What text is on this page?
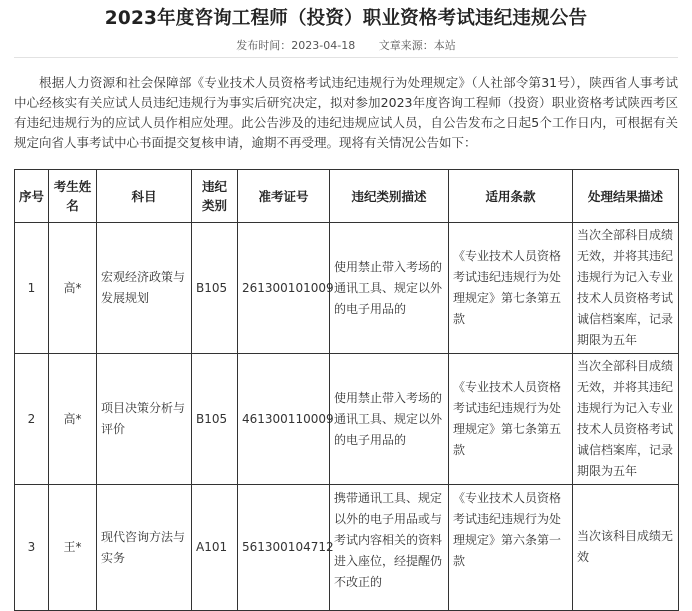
2023年度咨询工程师（投资）职业资格考试违纪违规公告
发布时间：2023-04-18 文章来源：本站
根据人力资源和社会保障部《专业技术人员资格考试违纪违规行为处理规定》（人社部令第31号），陕西省人事考试中心经核实有关应试人员违纪违规行为事实后研究决定，拟对参加2023年度咨询工程师（投资）职业资格考试陕西考区有违纪违规行为的应试人员作相应处理。此公告涉及的违纪违规应试人员，自公告发布之日起5个工作日内，可根据有关规定向省人事考试中心书面提交复核申请，逾期不再受理。现将有关情况公告如下：
序号	考生姓名	科目	违纪类别	准考证号	违纪类别描述	适用条款	处理结果描述
1	高*	宏观经济政策与发展规划	B105	261300101009	使用禁止带入考场的通讯工具、规定以外的电子用品的	《专业技术人员资格考试违纪违规行为处理规定》第七条第五款	当次全部科目成绩无效，并将其违纪违规行为记入专业技术人员资格考试诚信档案库，记录期限为五年
2	高*	项目决策分析与评价	B105	461300110009	使用禁止带入考场的通讯工具、规定以外的电子用品的	《专业技术人员资格考试违纪违规行为处理规定》第七条第五款	当次全部科目成绩无效，并将其违纪违规行为记入专业技术人员资格考试诚信档案库，记录期限为五年
3	王*	现代咨询方法与实务	A101	561300104712	携带通讯工具、规定以外的电子用品或与考试内容相关的资料进入座位，经提醒仍不改正的	《专业技术人员资格考试违纪违规行为处理规定》第六条第一款	当次该科目成绩无效
